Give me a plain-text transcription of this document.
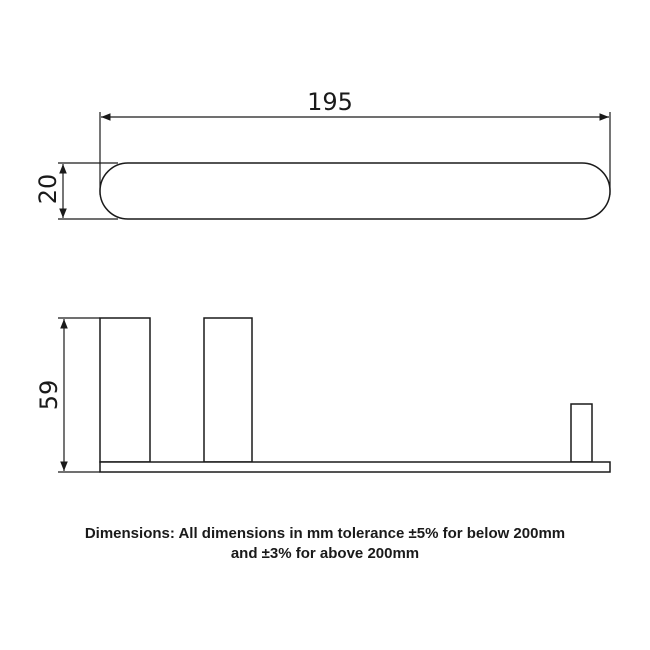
195
20
59
Dimensions: All dimensions in mm tolerance ±5% for below 200mm
and ±3% for above 200mm
